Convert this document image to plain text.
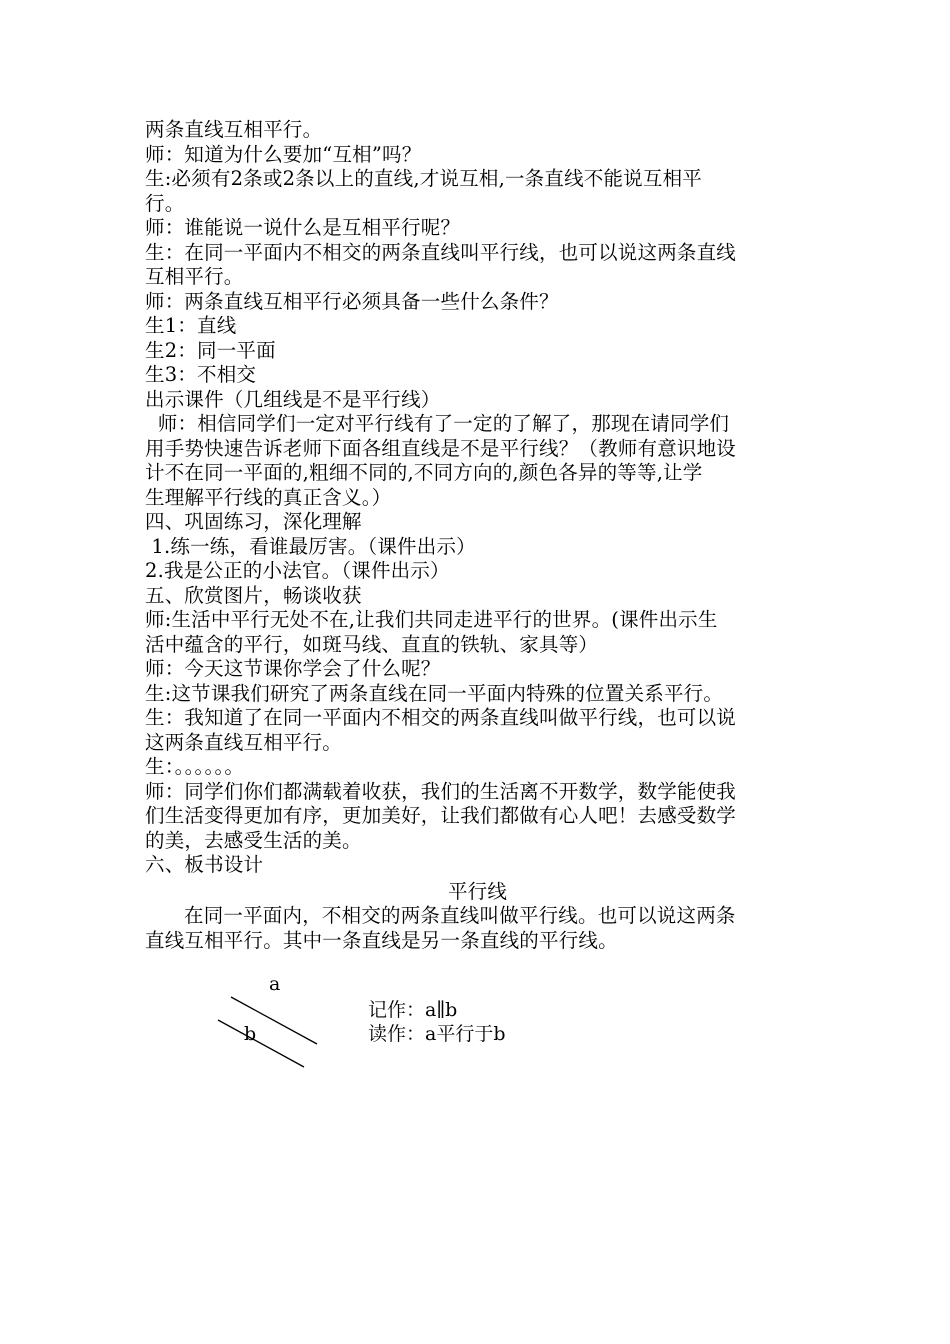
两条直线互相平行。
师：知道为什么要加“互相”吗？
生:必须有2条或2条以上的直线,才说互相,一条直线不能说互相平
行。
师：谁能说一说什么是互相平行呢？
生：在同一平面内不相交的两条直线叫平行线，也可以说这两条直线
互相平行。
师：两条直线互相平行必须具备一些什么条件？
生1：直线
生2：同一平面
生3：不相交
出示课件（几组线是不是平行线）
师：相信同学们一定对平行线有了一定的了解了，那现在请同学们
用手势快速告诉老师下面各组直线是不是平行线？（教师有意识地设
计不在同一平面的,粗细不同的,不同方向的,颜色各异的等等,让学
生理解平行线的真正含义。）
四、巩固练习，深化理解
1.练一练，看谁最厉害。（课件出示）
2.我是公正的小法官。（课件出示）
五、欣赏图片，畅谈收获
师:生活中平行无处不在,让我们共同走进平行的世界。(课件出示生
活中蕴含的平行，如斑马线、直直的铁轨、家具等）
师：今天这节课你学会了什么呢？
生:这节课我们研究了两条直线在同一平面内特殊的位置关系平行。
生：我知道了在同一平面内不相交的两条直线叫做平行线，也可以说
这两条直线互相平行。
生：。。。。。。
师：同学们你们都满载着收获，我们的生活离不开数学，数学能使我
们生活变得更加有序，更加美好，让我们都做有心人吧！去感受数学
的美，去感受生活的美。
六、板书设计
平行线
在同一平面内，不相交的两条直线叫做平行线。也可以说这两条
直线互相平行。其中一条直线是另一条直线的平行线。
a
b
记作：a∥b
读作：a平行于b
